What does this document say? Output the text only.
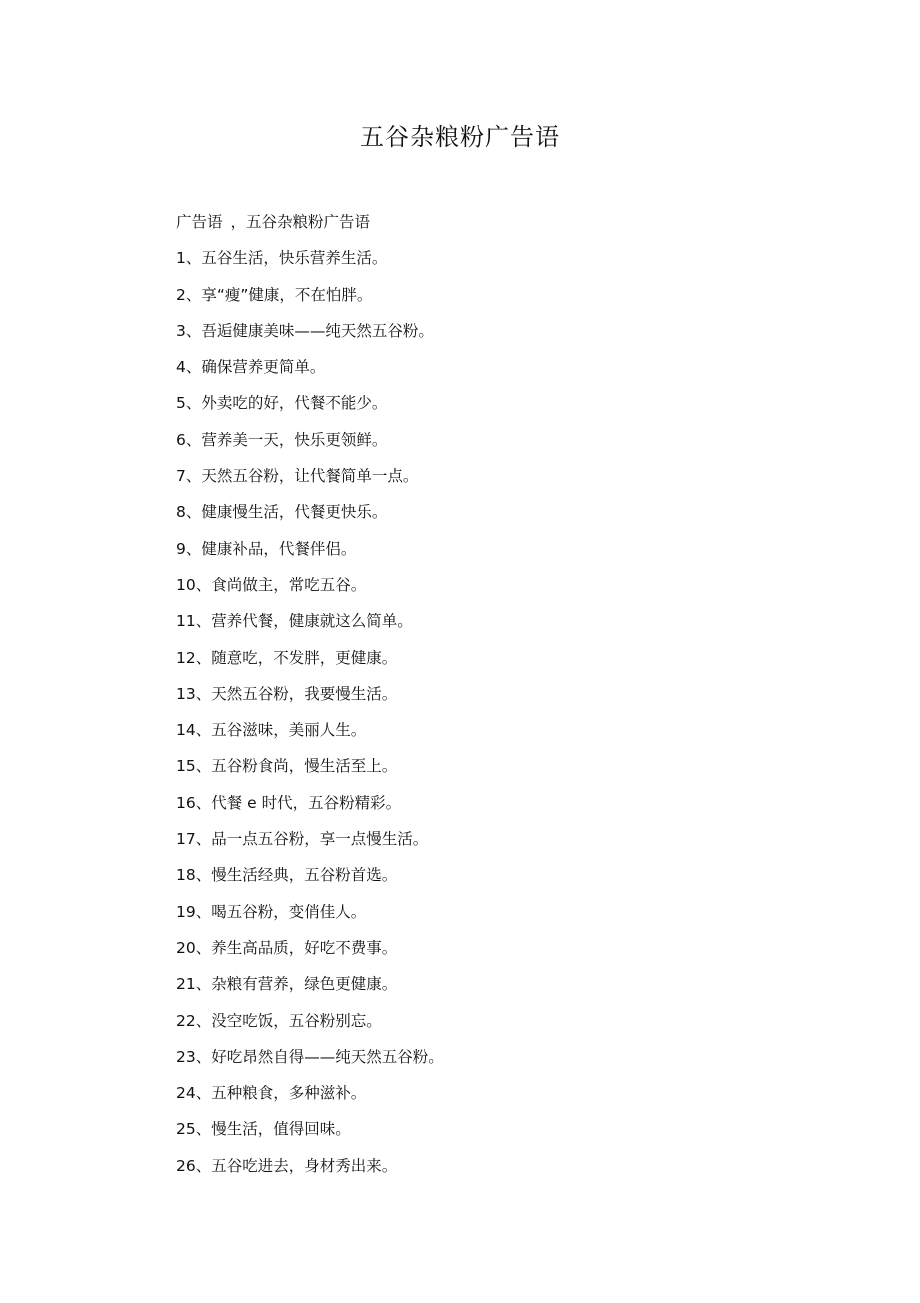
五谷杂粮粉广告语
广告语 ，五谷杂粮粉广告语
1、五谷生活，快乐营养生活。
2、享“瘦”健康，不在怕胖。
3、吾逅健康美味——纯天然五谷粉。
4、确保营养更简单。
5、外卖吃的好，代餐不能少。
6、营养美一天，快乐更领鲜。
7、天然五谷粉，让代餐简单一点。
8、健康慢生活，代餐更快乐。
9、健康补品，代餐伴侣。
10、食尚做主，常吃五谷。
11、营养代餐，健康就这么简单。
12、随意吃，不发胖，更健康。
13、天然五谷粉，我要慢生活。
14、五谷滋味，美丽人生。
15、五谷粉食尚，慢生活至上。
16、代餐 e 时代，五谷粉精彩。
17、品一点五谷粉，享一点慢生活。
18、慢生活经典，五谷粉首选。
19、喝五谷粉，变俏佳人。
20、养生高品质，好吃不费事。
21、杂粮有营养，绿色更健康。
22、没空吃饭，五谷粉别忘。
23、好吃昂然自得——纯天然五谷粉。
24、五种粮食，多种滋补。
25、慢生活，值得回味。
26、五谷吃进去，身材秀出来。
